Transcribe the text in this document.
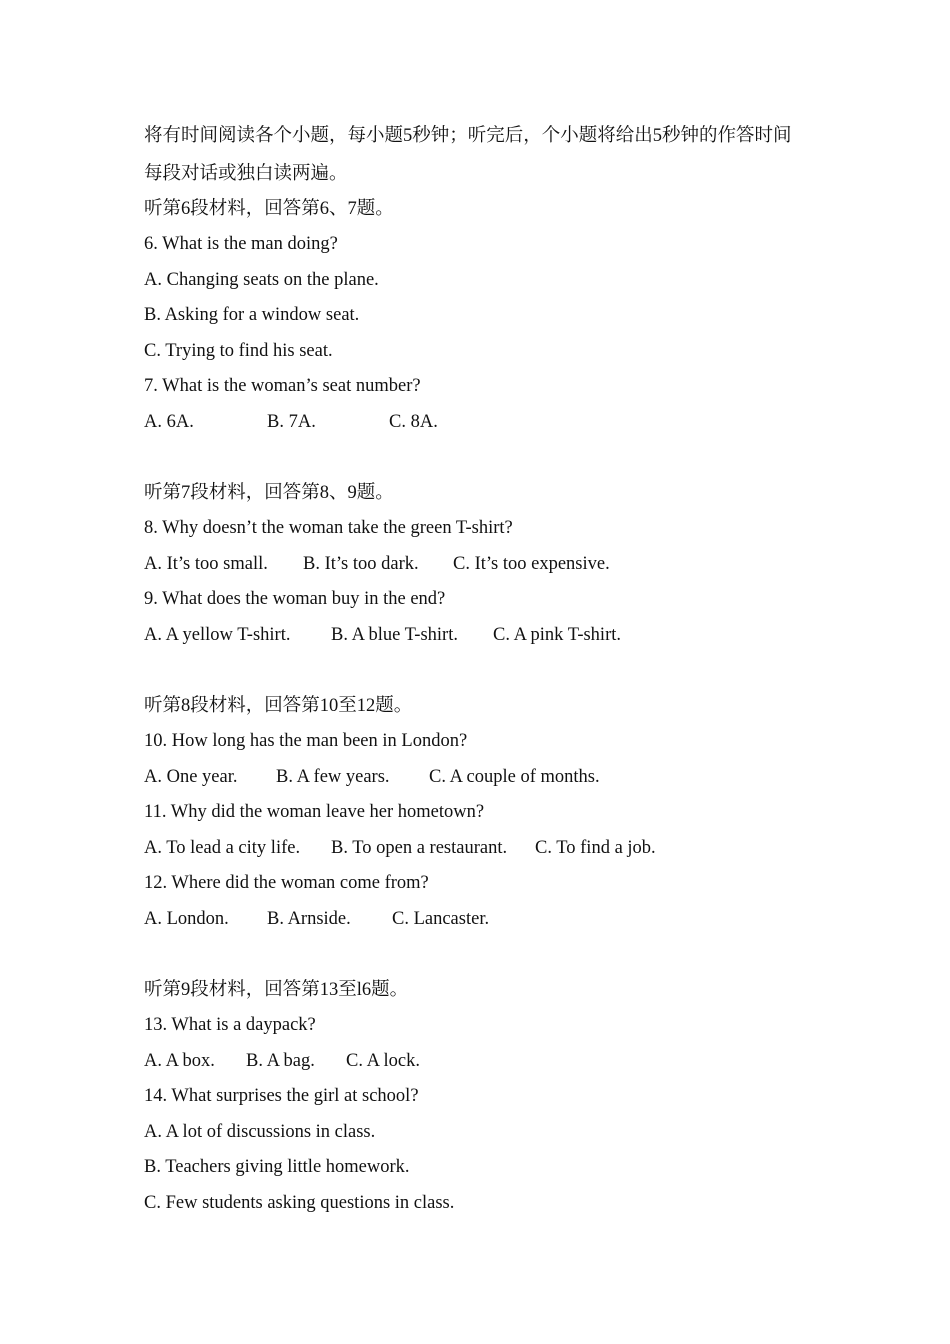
将有时间阅读各个小题，每小题5秒钟；听完后，个小题将给出5秒钟的作答时间
每段对话或独白读两遍。
听第6段材料，回答第6、7题。
6. What is the man doing?
A. Changing seats on the plane.
B. Asking for a window seat.
C. Trying to find his seat.
7. What is the woman’s seat number?
A. 6A.	B. 7A.	C. 8A.
听第7段材料，回答第8、9题。
8. Why doesn’t the woman take the green T-shirt?
A. It’s too small. B. It’s too dark. C. It’s too expensive.
9. What does the woman buy in the end?
A. A yellow T-shirt. B. A blue T-shirt. C. A pink T-shirt.
听第8段材料，回答第10至12题。
10. How long has the man been in London?
A. One year. B. A few years. C. A couple of months.
11. Why did the woman leave her hometown?
A. To lead a city life. B. To open a restaurant. C. To find a job.
12. Where did the woman come from?
A. London. B. Arnside. C. Lancaster.
听第9段材料，回答第13至l6题。
13. What is a daypack?
A. A box. B. A bag. C. A lock.
14. What surprises the girl at school?
A. A lot of discussions in class.
B. Teachers giving little homework.
C. Few students asking questions in class.
